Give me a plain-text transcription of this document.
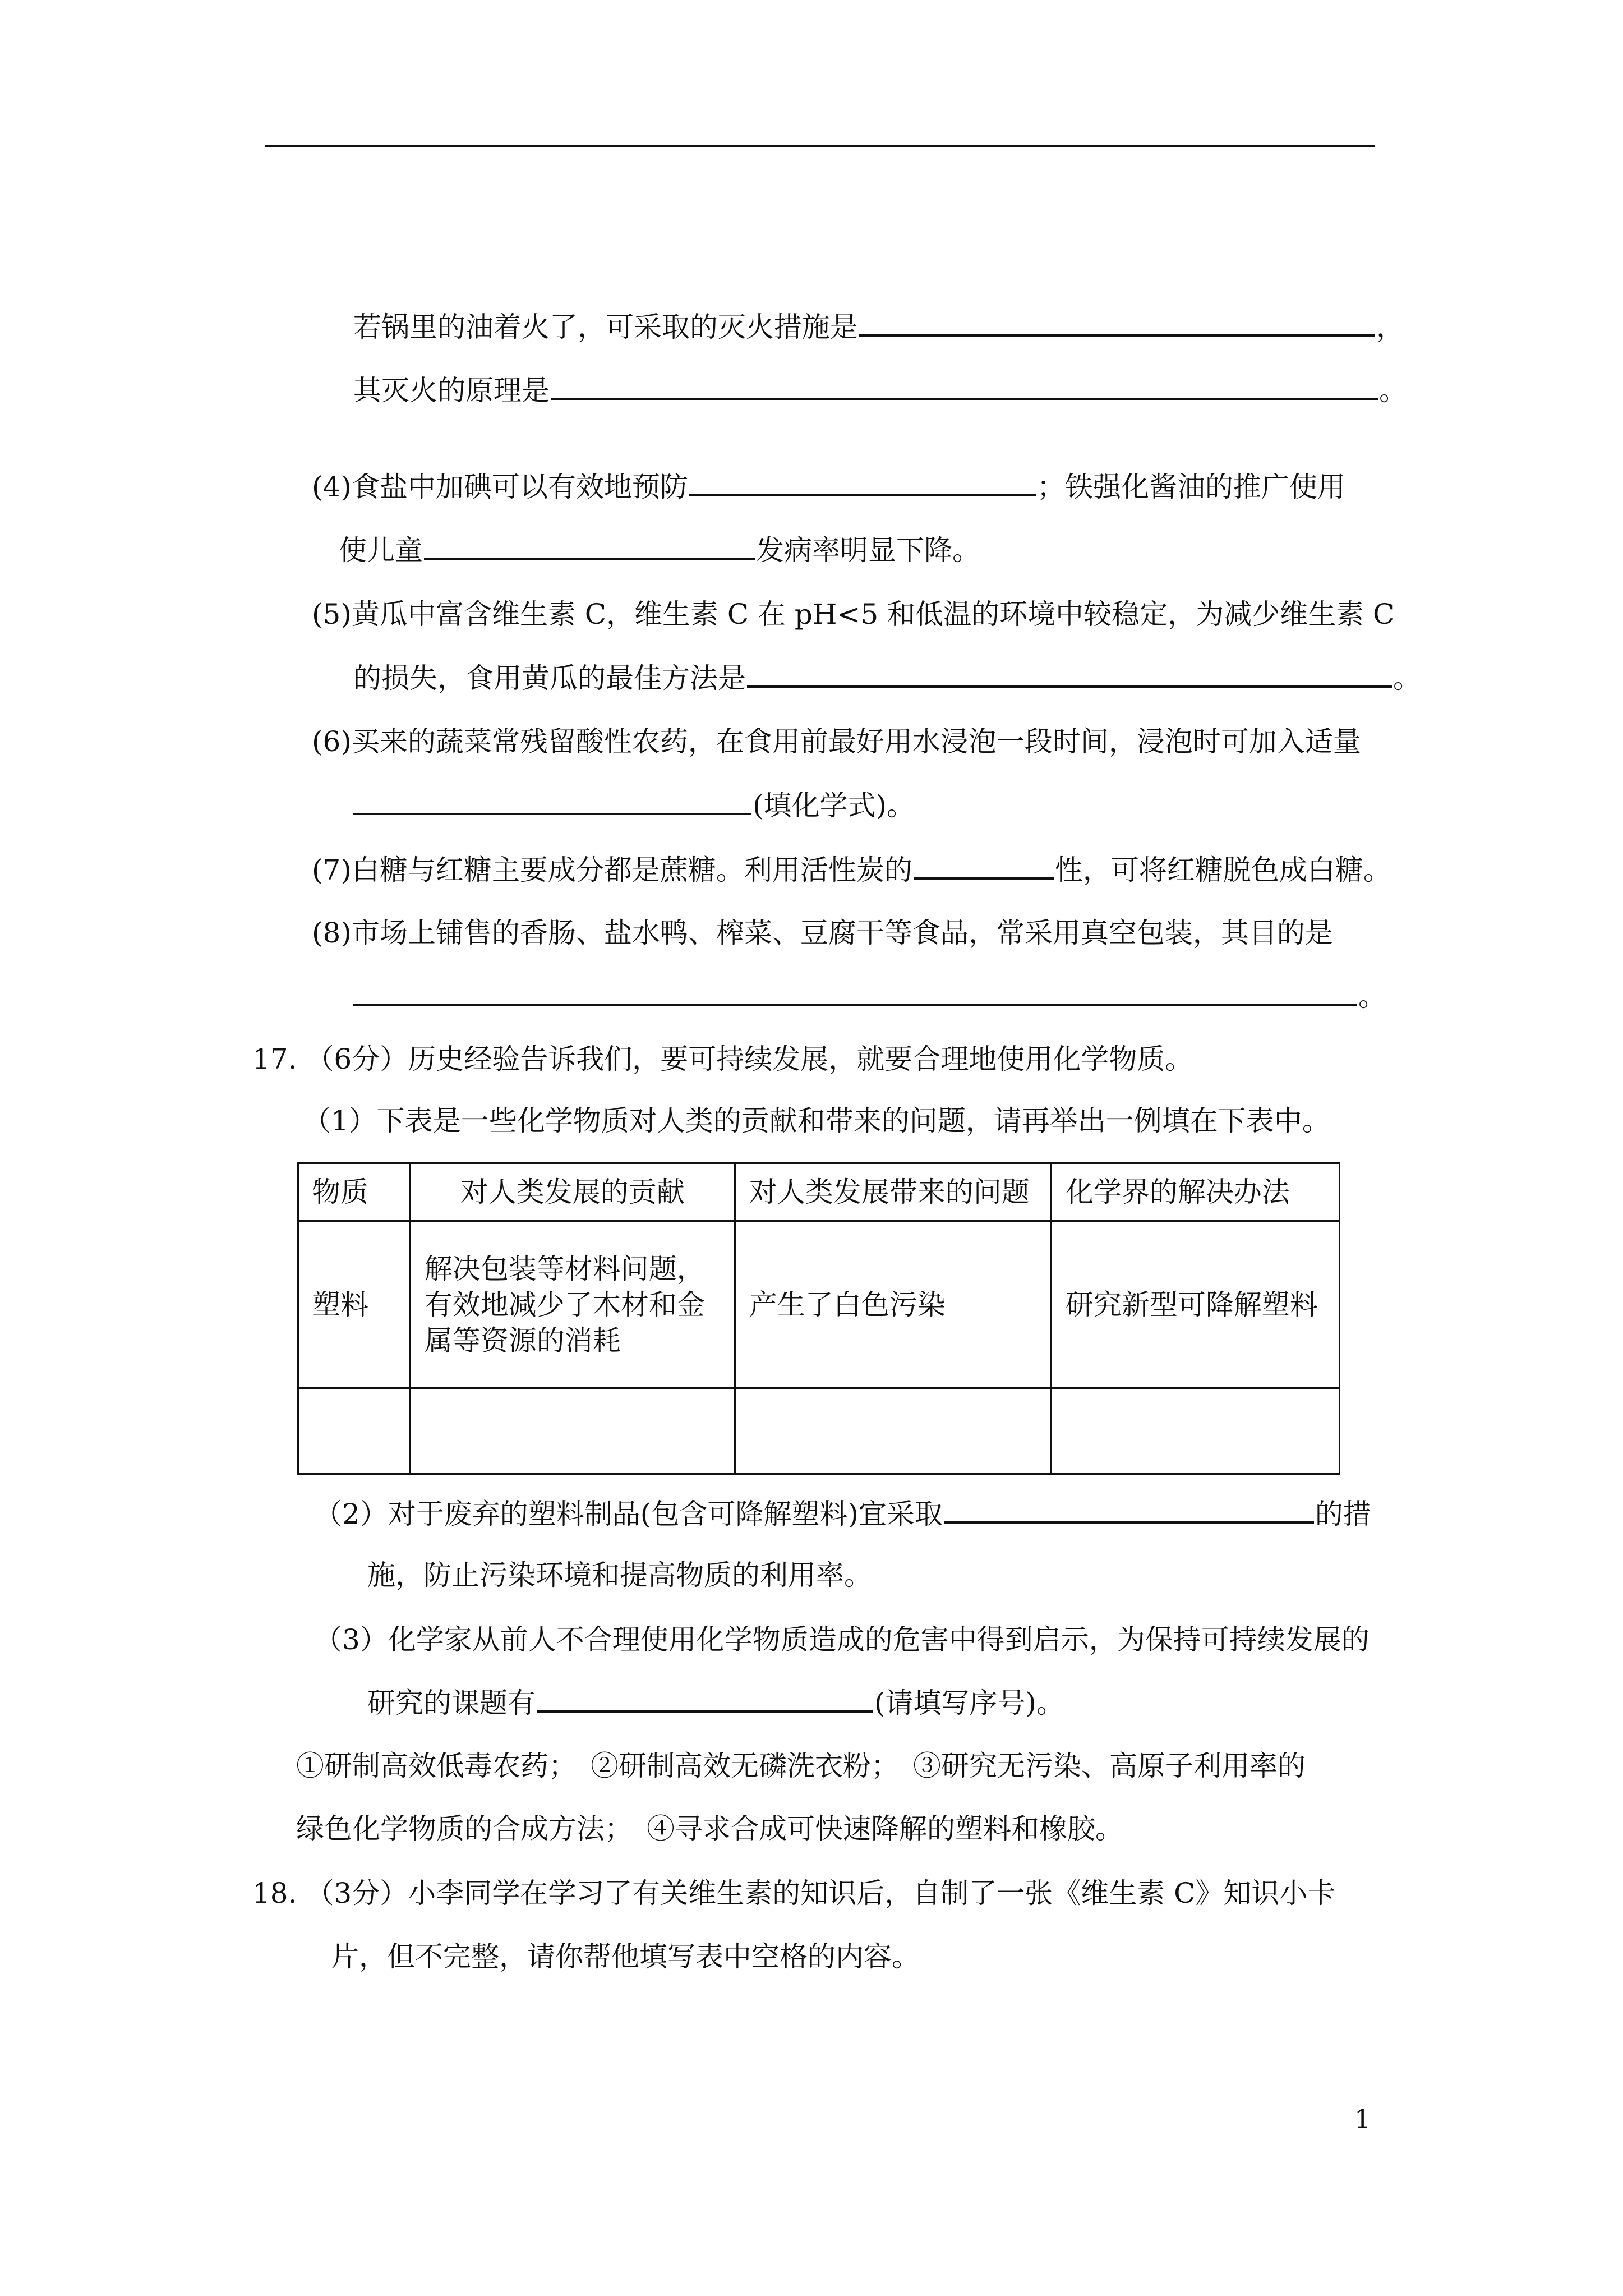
若锅里的油着火了，可采取的灭火措施是	，
其灭火的原理是	。
(4)食盐中加碘可以有效地预防	；铁强化酱油的推广使用
使儿童	发病率明显下降。
(5)黄瓜中富含维生素 C，维生素 C 在 pH<5 和低温的环境中较稳定，为减少维生素 C
的损失，食用黄瓜的最佳方法是	。
(6)买来的蔬菜常残留酸性农药，在食用前最好用水浸泡一段时间，浸泡时可加入适量
(填化学式)。
(7)白糖与红糖主要成分都是蔗糖。利用活性炭的	性，可将红糖脱色成白糖。
(8)市场上铺售的香肠、盐水鸭、榨菜、豆腐干等食品，常采用真空包装，其目的是
。
17. （6分）历史经验告诉我们，要可持续发展，就要合理地使用化学物质。
（1）下表是一些化学物质对人类的贡献和带来的问题，请再举出一例填在下表中。
物质	对人类发展的贡献	对人类发展带来的问题	化学界的解决办法
塑料	解决包装等材料问题，
有效地减少了木材和金
属等资源的消耗	产生了白色污染	研究新型可降解塑料

（2）对于废弃的塑料制品(包含可降解塑料)宜采取	的措
施，防止污染环境和提高物质的利用率。
（3）化学家从前人不合理使用化学物质造成的危害中得到启示，为保持可持续发展的
研究的课题有	(请填写序号)。
①研制高效低毒农药；　②研制高效无磷洗衣粉；　③研究无污染、高原子利用率的
绿色化学物质的合成方法；　④寻求合成可快速降解的塑料和橡胶。
18. （3分）小李同学在学习了有关维生素的知识后，自制了一张《维生素 C》知识小卡
片，但不完整，请你帮他填写表中空格的内容。
1
